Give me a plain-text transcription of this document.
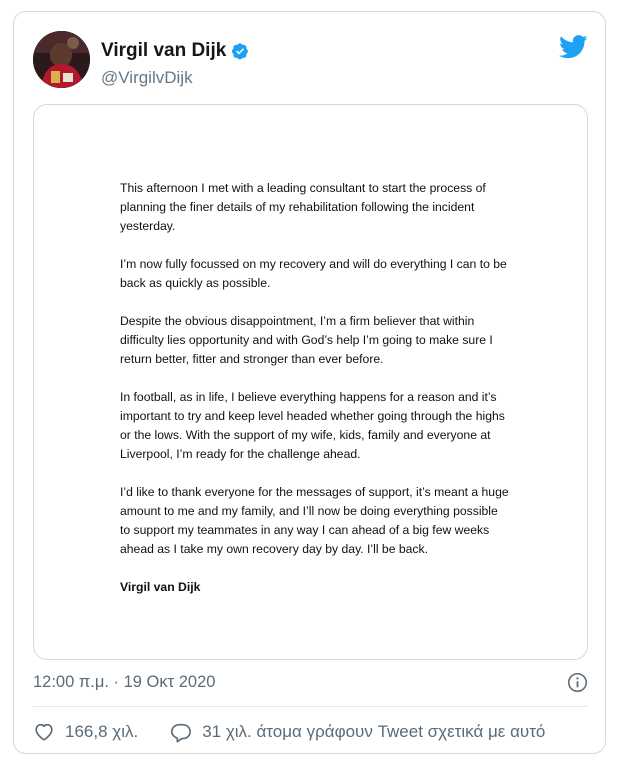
Virgil van Dijk
@VirgilvDijk

This afternoon I met with a leading consultant to start the process of planning the finer details of my rehabilitation following the incident yesterday.

I’m now fully focussed on my recovery and will do everything I can to be back as quickly as possible.

Despite the obvious disappointment, I’m a firm believer that within difficulty lies opportunity and with God’s help I’m going to make sure I return better, fitter and stronger than ever before.

In football, as in life, I believe everything happens for a reason and it’s important to try and keep level headed whether going through the highs or the lows. With the support of my wife, kids, family and everyone at Liverpool, I’m ready for the challenge ahead.

I’d like to thank everyone for the messages of support, it’s meant a huge amount to me and my family, and I’ll now be doing everything possible to support my teammates in any way I can ahead of a big few weeks ahead as I take my own recovery day by day. I’ll be back.

Virgil van Dijk

12:00 π.μ. · 19 Οκτ 2020
166,8 χιλ.	31 χιλ. άτομα γράφουν Tweet σχετικά με αυτό
